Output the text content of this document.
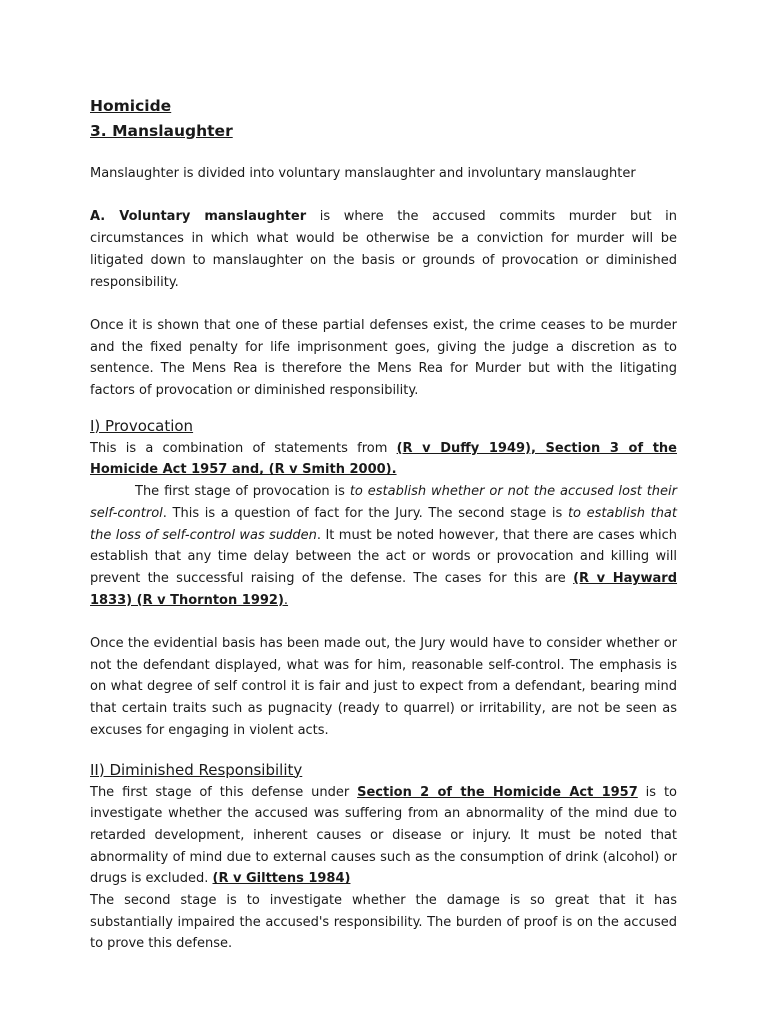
Homicide

3. Manslaughter

Manslaughter is divided into voluntary manslaughter and involuntary manslaughter

A. Voluntary manslaughter is where the accused commits murder but in circumstances in which what would be otherwise be a conviction for murder will be litigated down to manslaughter on the basis or grounds of provocation or diminished responsibility.

Once it is shown that one of these partial defenses exist, the crime ceases to be murder and the fixed penalty for life imprisonment goes, giving the judge a discretion as to sentence. The Mens Rea is therefore the Mens Rea for Murder but with the litigating factors of provocation or diminished responsibility.

I) Provocation

This is a combination of statements from (R v Duffy 1949), Section 3 of the Homicide Act 1957 and, (R v Smith 2000).

The first stage of provocation is to establish whether or not the accused lost their self-control. This is a question of fact for the Jury. The second stage is to establish that the loss of self-control was sudden. It must be noted however, that there are cases which establish that any time delay between the act or words or provocation and killing will prevent the successful raising of the defense. The cases for this are (R v Hayward 1833) (R v Thornton 1992).

Once the evidential basis has been made out, the Jury would have to consider whether or not the defendant displayed, what was for him, reasonable self-control. The emphasis is on what degree of self control it is fair and just to expect from a defendant, bearing mind that certain traits such as pugnacity (ready to quarrel) or irritability, are not be seen as excuses for engaging in violent acts.

II) Diminished Responsibility

The first stage of this defense under Section 2 of the Homicide Act 1957 is to investigate whether the accused was suffering from an abnormality of the mind due to retarded development, inherent causes or disease or injury. It must be noted that abnormality of mind due to external causes such as the consumption of drink (alcohol) or drugs is excluded. (R v Gilttens 1984)

The second stage is to investigate whether the damage is so great that it has substantially impaired the accused's responsibility. The burden of proof is on the accused to prove this defense.
